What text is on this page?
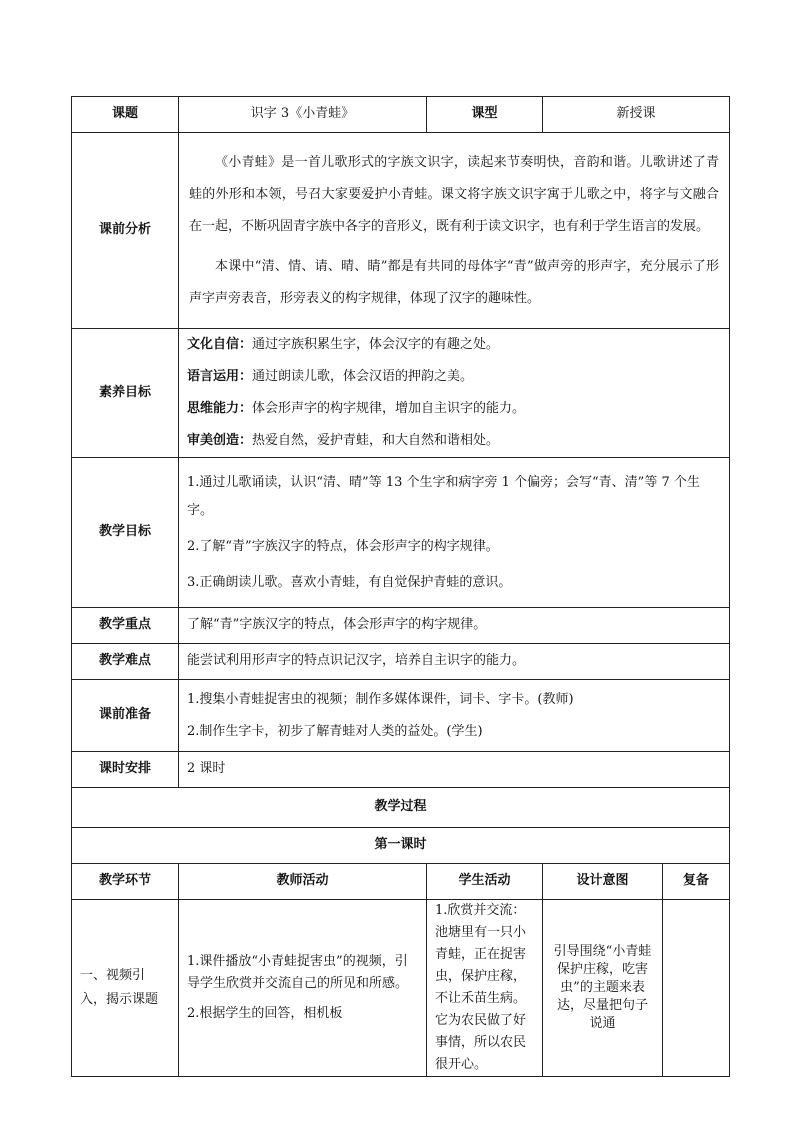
课题	识字 3《小青蛙》	课型	新授课	
课前分析	《小青蛙》是一首儿歌形式的字族文识字，读起来节奏明快，音韵和谐。儿歌讲述了青蛙的外形和本领，号召大家要爱护小青蛙。课文将字族文识字寓于儿歌之中，将字与文融合在一起，不断巩固青字族中各字的音形义，既有利于读文识字，也有利于学生语言的发展。

本课中“清、情、请、晴、睛”都是有共同的母体字“青”做声旁的形声字，充分展示了形声字声旁表音，形旁表义的构字规律，体现了汉字的趣味性。			

素养目标	文化自信：通过字族积累生字，体会汉字的有趣之处。

语言运用：通过朗读儿歌，体会汉语的押韵之美。

思维能力：体会形声字的构字规律，增加自主识字的能力。

审美创造：热爱自然，爱护青蛙，和大自然和谐相处。			

教学目标	1.通过儿歌诵读，认识“清、晴”等 13 个生字和病字旁 1 个偏旁；会写“青、清”等 7 个生字。

2.了解“青”字族汉字的特点，体会形声字的构字规律。

3.正确朗读儿歌。喜欢小青蛙，有自觉保护青蛙的意识。			

教学重点	了解“青”字族汉字的特点，体会形声字的构字规律。			
教学难点	能尝试利用形声字的特点识记汉字，培养自主识字的能力。			
课前准备	1.搜集小青蛙捉害虫的视频；制作多媒体课件，词卡、字卡。(教师)

2.制作生字卡，初步了解青蛙对人类的益处。(学生)			

课时安排	2 课时			
教学过程				
第一课时				
教学环节	教师活动	学生活动	设计意图	复备
一、视频引入，揭示课题	1.课件播放“小青蛙捉害虫”的视频，引导学生欣赏并交流自己的所见和所感。

2.根据学生的回答，相机板	1.欣赏并交流：池塘里有一只小青蛙，正在捉害虫，保护庄稼，不让禾苗生病。它为农民做了好事情，所以农民很开心。	引导围绕“小青蛙保护庄稼，吃害虫”的主题来表达，尽量把句子说通	
